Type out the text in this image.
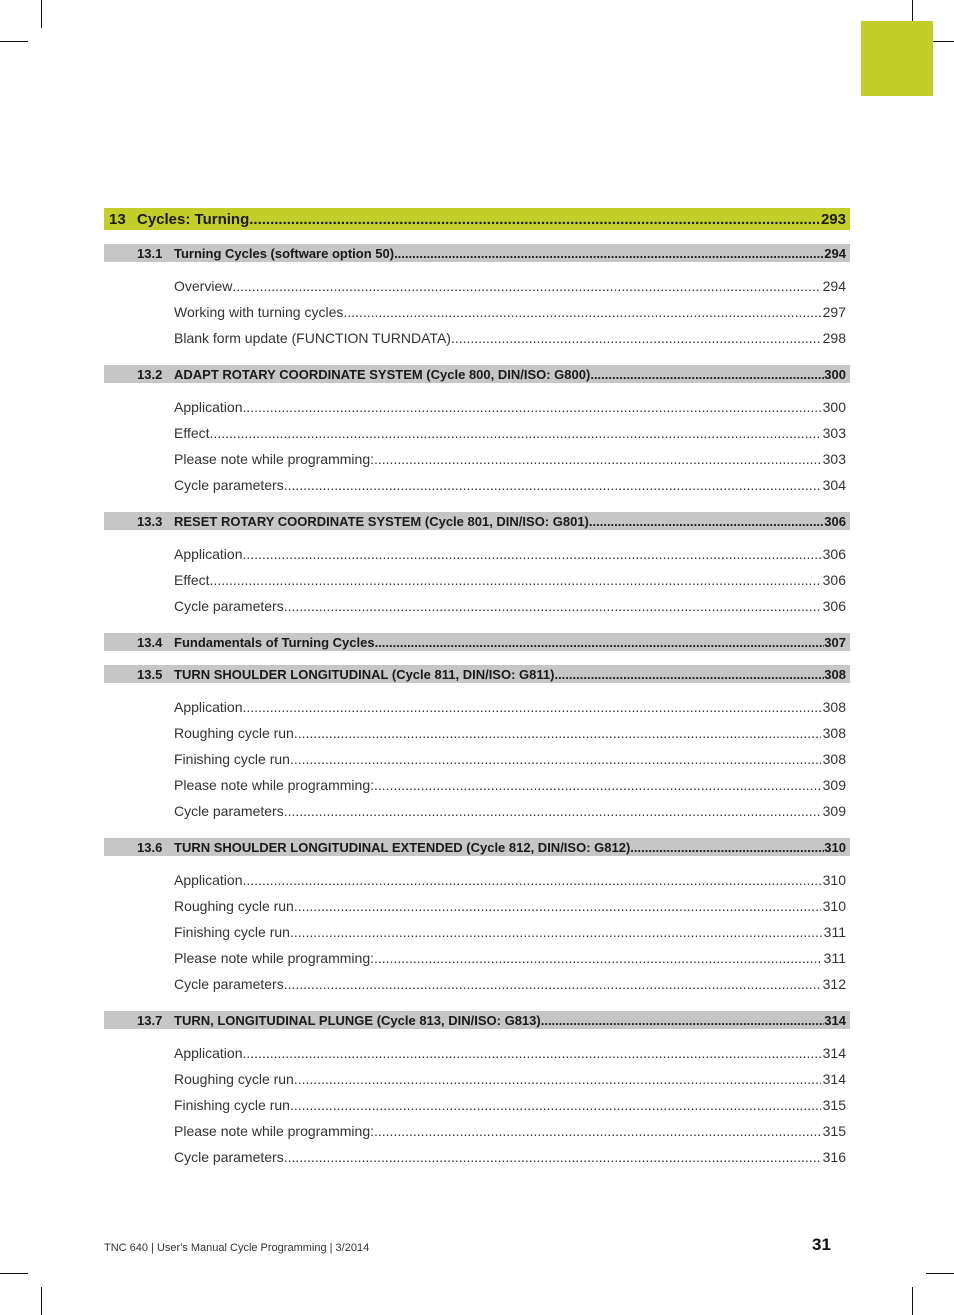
13 Cycles: Turning .....	293
13.1 Turning Cycles (software option 50) .....	294
Overview .....	294
Working with turning cycles .....	297
Blank form update (FUNCTION TURNDATA) .....	298
13.2 ADAPT ROTARY COORDINATE SYSTEM (Cycle 800, DIN/ISO: G800) .....	300
Application .....	300
Effect .....	303
Please note while programming: .....	303
Cycle parameters .....	304
13.3 RESET ROTARY COORDINATE SYSTEM (Cycle 801, DIN/ISO: G801) .....	306
Application .....	306
Effect .....	306
Cycle parameters .....	306
13.4 Fundamentals of Turning Cycles .....	307
13.5 TURN SHOULDER LONGITUDINAL (Cycle 811, DIN/ISO: G811) .....	308
Application .....	308
Roughing cycle run .....	308
Finishing cycle run .....	308
Please note while programming: .....	309
Cycle parameters .....	309
13.6 TURN SHOULDER LONGITUDINAL EXTENDED (Cycle 812, DIN/ISO: G812) .....	310
Application .....	310
Roughing cycle run .....	310
Finishing cycle run .....	311
Please note while programming: .....	311
Cycle parameters .....	312
13.7 TURN, LONGITUDINAL PLUNGE (Cycle 813, DIN/ISO: G813) .....	314
Application .....	314
Roughing cycle run .....	314
Finishing cycle run .....	315
Please note while programming: .....	315
Cycle parameters .....	316
TNC 640 | User's Manual Cycle Programming | 3/2014	31
